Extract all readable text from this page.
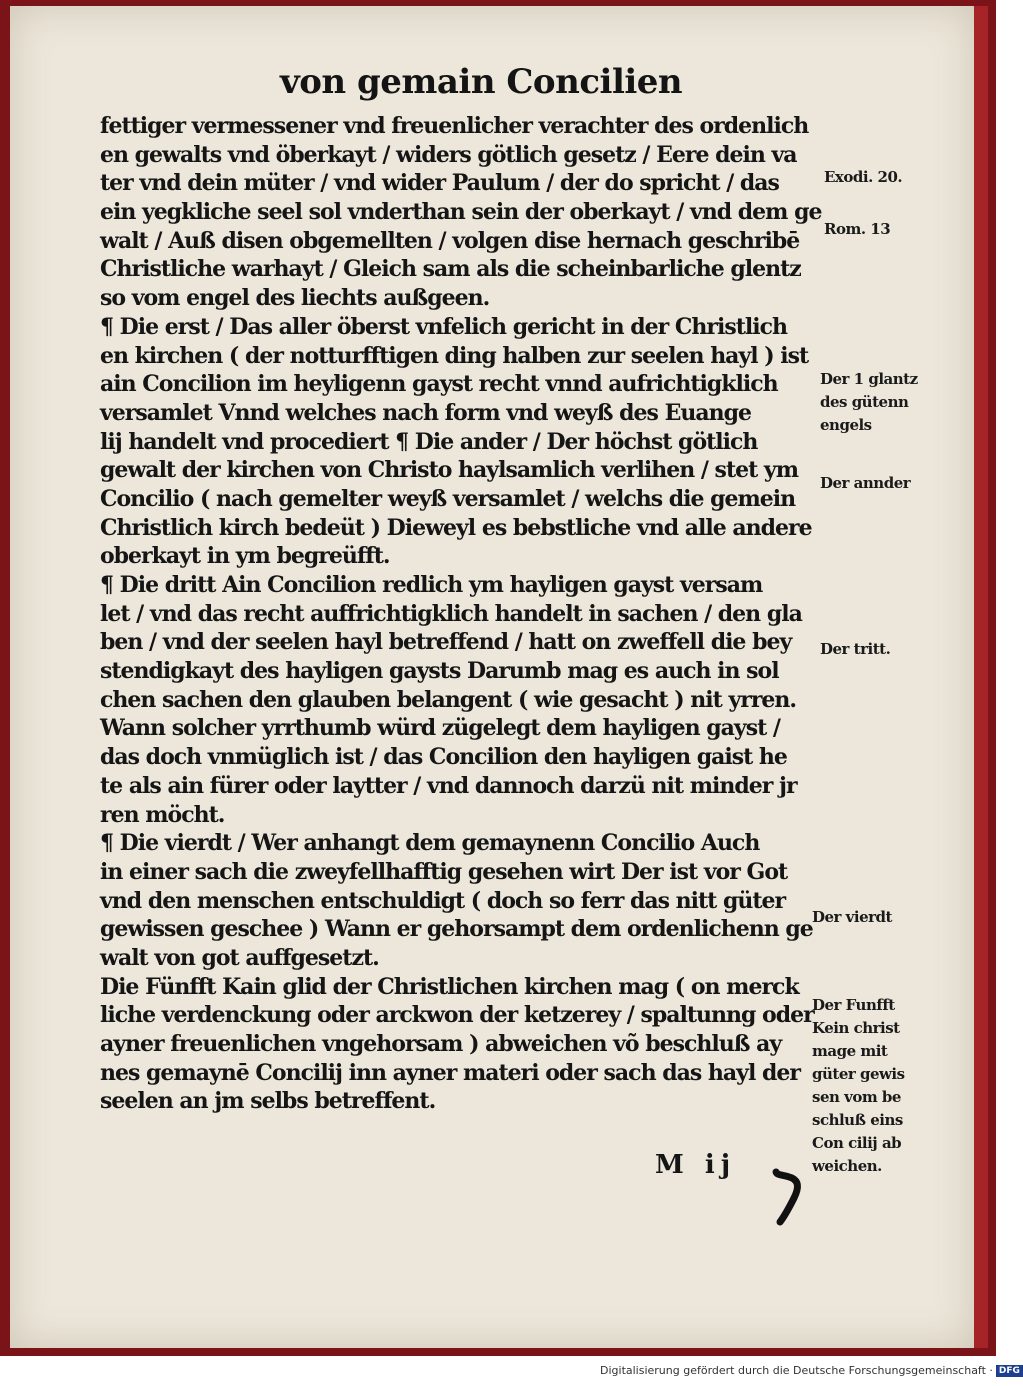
von gemain Concilien
fettiger vermessener vnd freuenlicher verachter des ordenlich
en gewalts vnd öberkayt / widers götlich gesetz / Eere dein va
ter vnd dein müter / vnd wider Paulum / der do spricht / das
ein yegkliche seel sol vnderthan sein der oberkayt / vnd dem ge
walt / Auß disen obgemellten / volgen dise hernach geschribē
Christliche warhayt / Gleich sam als die scheinbarliche glentz
so vom engel des liechts außgeen.
¶ Die erst / Das aller öberst vnfelich gericht in der Christlich
en kirchen ( der notturfftigen ding halben zur seelen hayl ) ist
ain Concilion im heyligenn gayst recht vnnd aufrichtigklich
versamlet Vnnd welches nach form vnd weyß des Euange
lij handelt vnd procediert ¶ Die ander / Der höchst götlich
gewalt der kirchen von Christo haylsamlich verlihen / stet ym
Concilio ( nach gemelter weyß versamlet / welchs die gemein
Christlich kirch bedeüt ) Dieweyl es bebstliche vnd alle andere
oberkayt in ym begreüfft.
¶ Die dritt Ain Concilion redlich ym hayligen gayst versam
let / vnd das recht auffrichtigklich handelt in sachen / den gla
ben / vnd der seelen hayl betreffend / hatt on zweffell die bey
stendigkayt des hayligen gaysts Darumb mag es auch in sol
chen sachen den glauben belangent ( wie gesacht ) nit yrren.
Wann solcher yrrthumb würd zügelegt dem hayligen gayst /
das doch vnmüglich ist / das Concilion den hayligen gaist he
te als ain fürer oder laytter / vnd dannoch darzü nit minder jr
ren möcht.
¶ Die vierdt / Wer anhangt dem gemaynenn Concilio Auch
in einer sach die zweyfellhafftig gesehen wirt Der ist vor Got
vnd den menschen entschuldigt ( doch so ferr das nitt güter
gewissen geschee ) Wann er gehorsampt dem ordenlichenn ge
walt von got auffgesetzt.
Die Fünfft Kain glid der Christlichen kirchen mag ( on merck
liche verdenckung oder arckwon der ketzerey / spaltunng oder
ayner freuenlichen vngehorsam ) abweichen võ beschluß ay
nes gemaynē Concilij inn ayner materi oder sach das hayl der
seelen an jm selbs betreffent.
Exodi. 20.
Rom. 13
Der 1 glantz
des gütenn
engels
Der annder
Der tritt.
Der vierdt
Der Funfft
Kein christ
mage mit
güter gewis
sen vom be
schluß eins
Con cilij ab
weichen.
M ij
Digitalisierung gefördert durch die Deutsche Forschungsgemeinschaft · DFG
